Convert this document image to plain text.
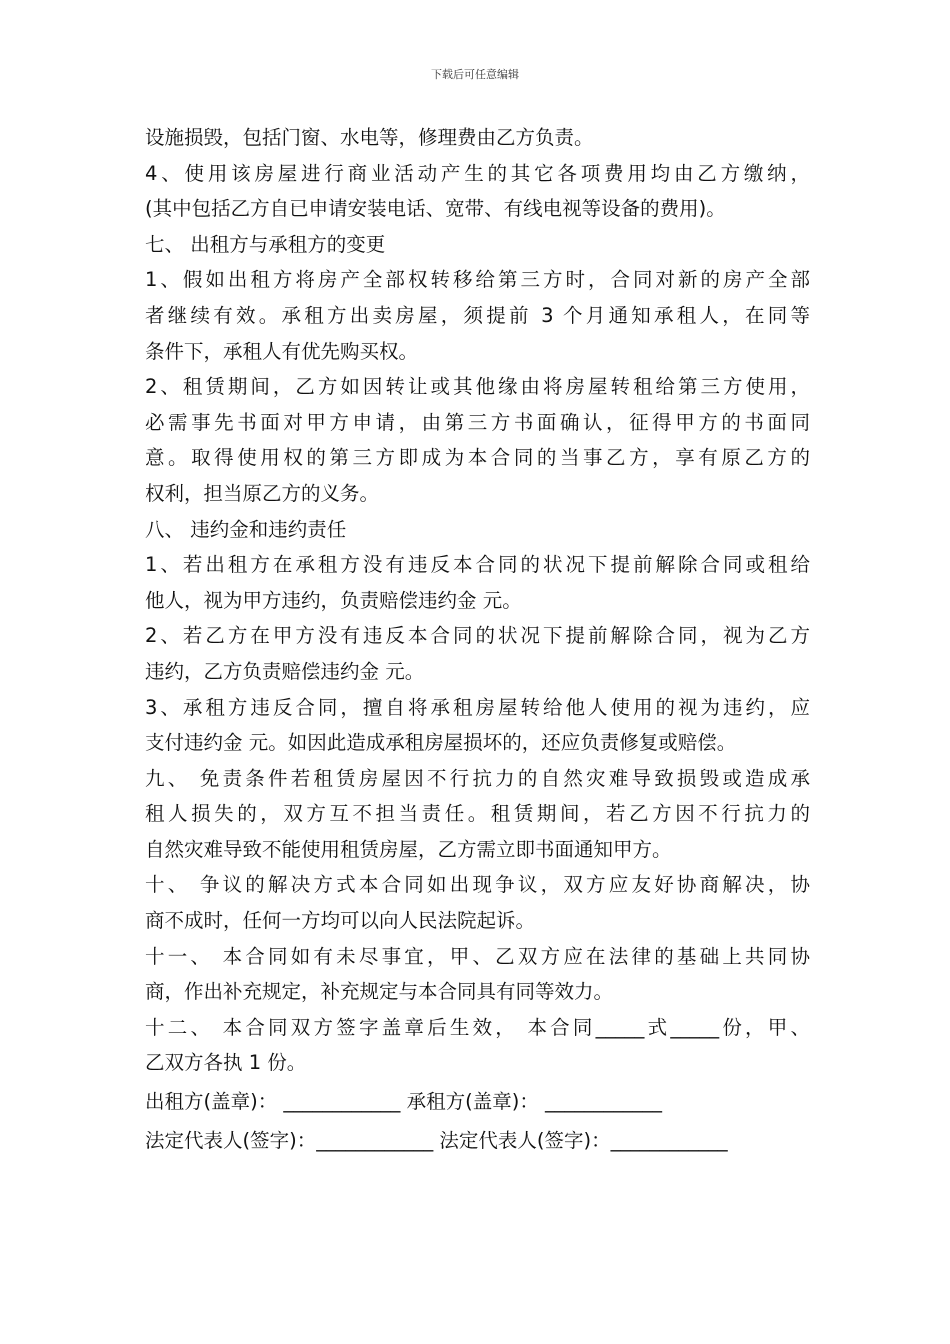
下载后可任意编辑
设施损毁，包括门窗、水电等，修理费由乙方负责。
4、使用该房屋进行商业活动产生的其它各项费用均由乙方缴纳，
(其中包括乙方自已申请安装电话、宽带、有线电视等设备的费用)。
七、 出租方与承租方的变更
1、假如出租方将房产全部权转移给第三方时，合同对新的房产全部
者继续有效。承租方出卖房屋，须提前 3 个月通知承租人，在同等
条件下，承租人有优先购买权。
2、租赁期间，乙方如因转让或其他缘由将房屋转租给第三方使用，
必需事先书面对甲方申请，由第三方书面确认，征得甲方的书面同
意。取得使用权的第三方即成为本合同的当事乙方，享有原乙方的
权利，担当原乙方的义务。
八、 违约金和违约责任
1、若出租方在承租方没有违反本合同的状况下提前解除合同或租给
他人，视为甲方违约，负责赔偿违约金 元。
2、若乙方在甲方没有违反本合同的状况下提前解除合同，视为乙方
违约，乙方负责赔偿违约金 元。
3、承租方违反合同，擅自将承租房屋转给他人使用的视为违约，应
支付违约金 元。如因此造成承租房屋损坏的，还应负责修复或赔偿。
九、 免责条件若租赁房屋因不行抗力的自然灾难导致损毁或造成承
租人损失的，双方互不担当责任。租赁期间，若乙方因不行抗力的
自然灾难导致不能使用租赁房屋，乙方需立即书面通知甲方。
十、 争议的解决方式本合同如出现争议，双方应友好协商解决，协
商不成时，任何一方均可以向人民法院起诉。
十一、 本合同如有未尽事宜，甲、乙双方应在法律的基础上共同协
商，作出补充规定，补充规定与本合同具有同等效力。
十二、 本合同双方签字盖章后生效， 本合同_____式_____份，甲、
乙双方各执 1 份。
出租方(盖章)： ____________ 承租方(盖章)： ____________
法定代表人(签字)：____________ 法定代表人(签字)：____________
